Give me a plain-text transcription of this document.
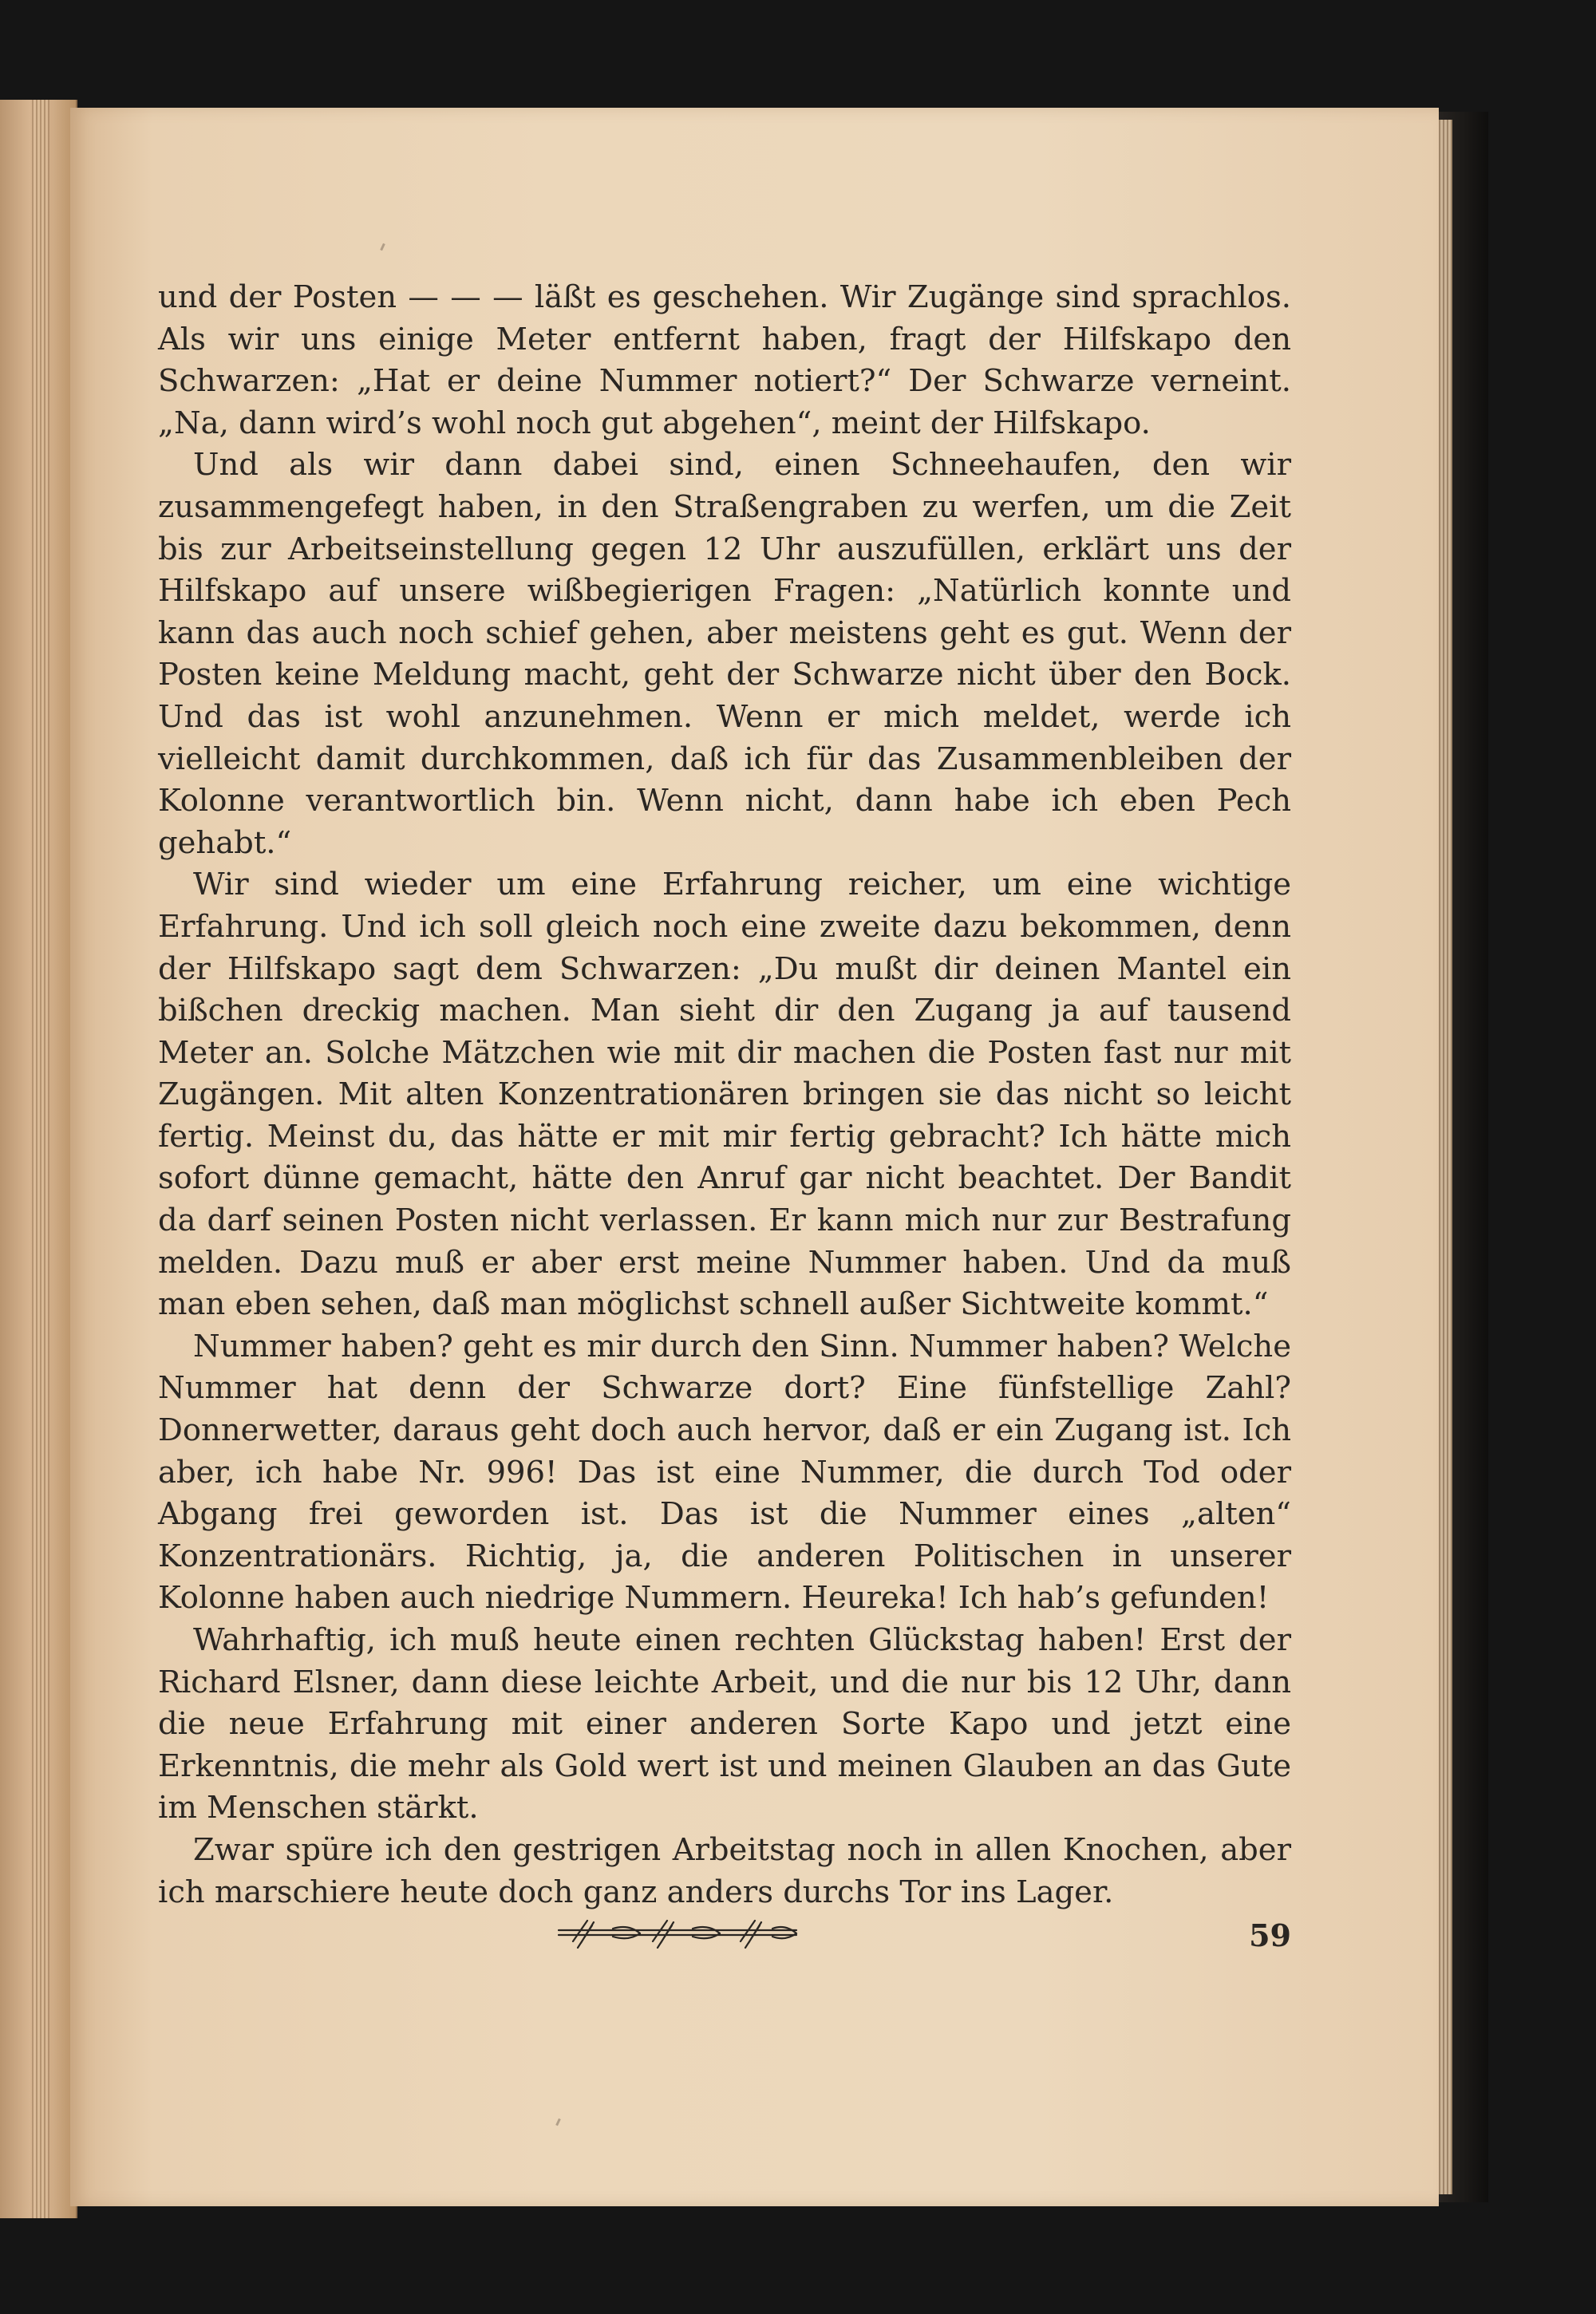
und der Posten — — — läßt es geschehen. Wir Zugänge sind sprachlos. Als wir uns einige Meter entfernt haben, fragt der Hilfskapo den Schwarzen: „Hat er deine Nummer notiert?“ Der Schwarze verneint. „Na, dann wird’s wohl noch gut abgehen“, meint der Hilfskapo.

Und als wir dann dabei sind, einen Schneehaufen, den wir zusammengefegt haben, in den Straßengraben zu werfen, um die Zeit bis zur Arbeitseinstellung gegen 12 Uhr auszufüllen, erklärt uns der Hilfskapo auf unsere wißbegierigen Fragen: „Natürlich konnte und kann das auch noch schief gehen, aber meistens geht es gut. Wenn der Posten keine Meldung macht, geht der Schwarze nicht über den Bock. Und das ist wohl anzunehmen. Wenn er mich meldet, werde ich vielleicht damit durchkommen, daß ich für das Zusammenbleiben der Kolonne verantwortlich bin. Wenn nicht, dann habe ich eben Pech gehabt.“

Wir sind wieder um eine Erfahrung reicher, um eine wichtige Erfahrung. Und ich soll gleich noch eine zweite dazu bekommen, denn der Hilfskapo sagt dem Schwarzen: „Du mußt dir deinen Mantel ein bißchen dreckig machen. Man sieht dir den Zugang ja auf tausend Meter an. Solche Mätzchen wie mit dir machen die Posten fast nur mit Zugängen. Mit alten Konzentrationären bringen sie das nicht so leicht fertig. Meinst du, das hätte er mit mir fertig gebracht? Ich hätte mich sofort dünne gemacht, hätte den Anruf gar nicht beachtet. Der Bandit da darf seinen Posten nicht verlassen. Er kann mich nur zur Bestrafung melden. Dazu muß er aber erst meine Nummer haben. Und da muß man eben sehen, daß man möglichst schnell außer Sichtweite kommt.“

Nummer haben? geht es mir durch den Sinn. Nummer haben? Welche Nummer hat denn der Schwarze dort? Eine fünfstellige Zahl? Donnerwetter, daraus geht doch auch hervor, daß er ein Zugang ist. Ich aber, ich habe Nr. 996! Das ist eine Nummer, die durch Tod oder Abgang frei geworden ist. Das ist die Nummer eines „alten“ Konzentrationärs. Richtig, ja, die anderen Politischen in unserer Kolonne haben auch niedrige Nummern. Heureka! Ich hab’s gefunden!

Wahrhaftig, ich muß heute einen rechten Glückstag haben! Erst der Richard Elsner, dann diese leichte Arbeit, und die nur bis 12 Uhr, dann die neue Erfahrung mit einer anderen Sorte Kapo und jetzt eine Erkenntnis, die mehr als Gold wert ist und meinen Glauben an das Gute im Menschen stärkt.

Zwar spüre ich den gestrigen Arbeitstag noch in allen Knochen, aber ich marschiere heute doch ganz anders durchs Tor ins Lager.

59
